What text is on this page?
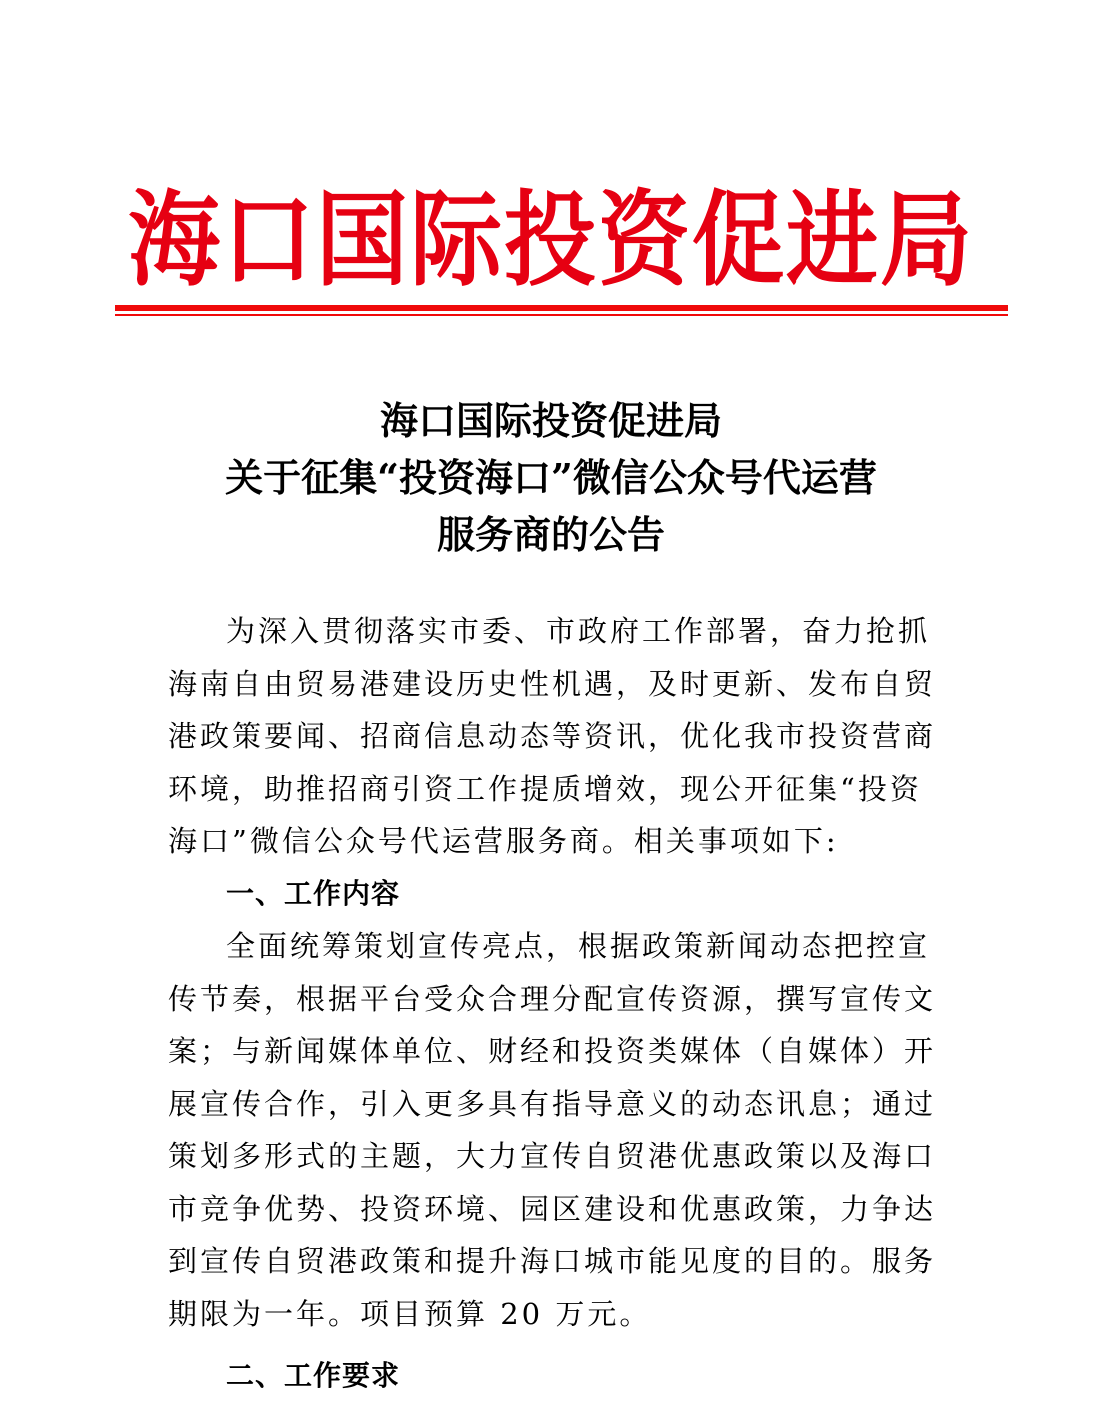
海口国际投资促进局
海口国际投资促进局
关于征集“投资海口”微信公众号代运营
服务商的公告

为深入贯彻落实市委、市政府工作部署，奋力抢抓海南自由贸易港建设历史性机遇，及时更新、发布自贸港政策要闻、招商信息动态等资讯，优化我市投资营商环境，助推招商引资工作提质增效，现公开征集“投资海口”微信公众号代运营服务商。相关事项如下:

一、工作内容

全面统筹策划宣传亮点，根据政策新闻动态把控宣传节奏，根据平台受众合理分配宣传资源，撰写宣传文案；与新闻媒体单位、财经和投资类媒体（自媒体）开展宣传合作，引入更多具有指导意义的动态讯息；通过策划多形式的主题，大力宣传自贸港优惠政策以及海口市竞争优势、投资环境、园区建设和优惠政策，力争达到宣传自贸港政策和提升海口城市能见度的目的。服务期限为一年。项目预算 20 万元。

二、工作要求
